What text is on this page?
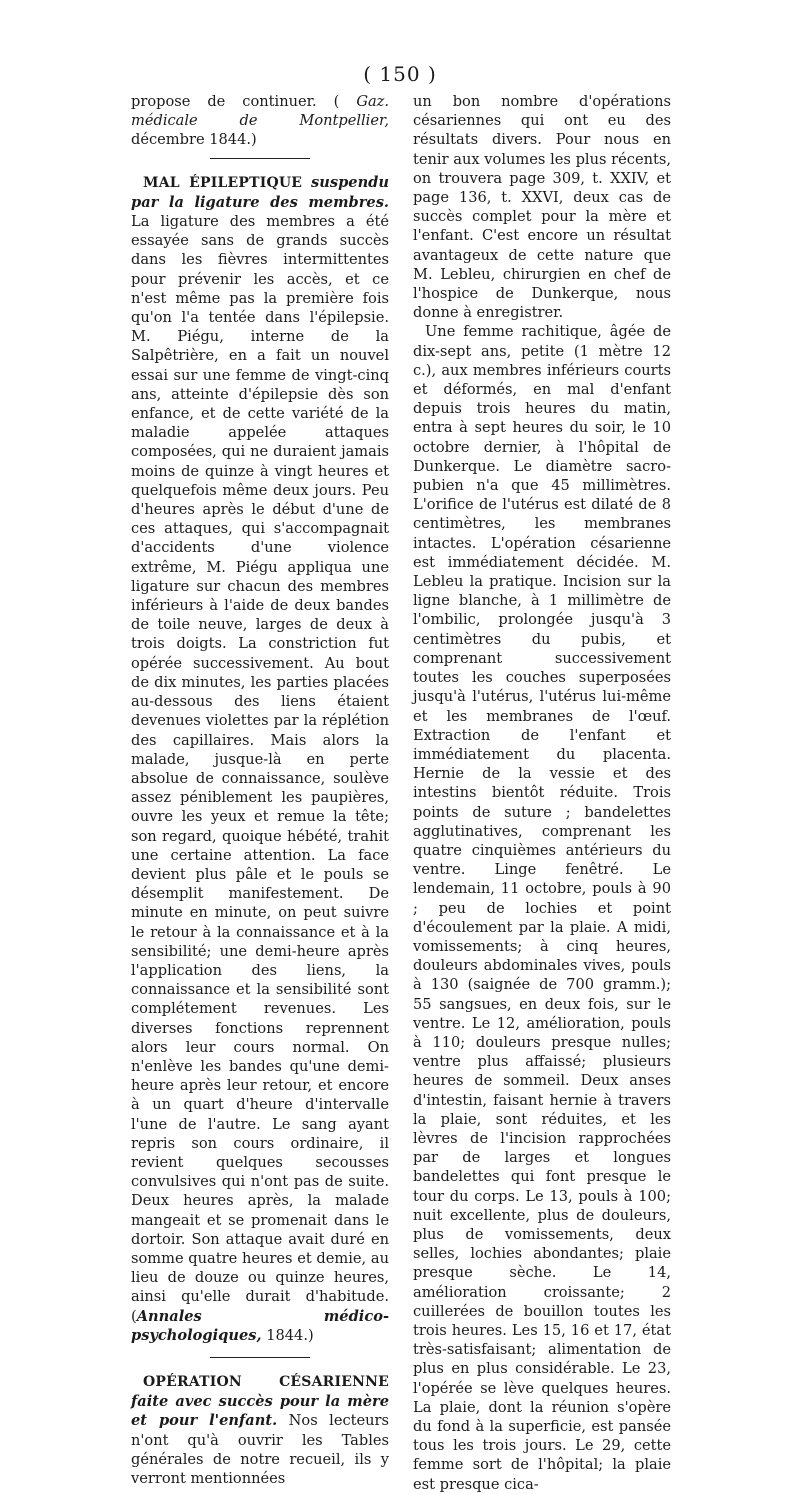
( 150 )

propose de continuer. ( Gaz. médicale de Montpellier, décembre 1844.)

MAL ÉPILEPTIQUE suspendu par la ligature des membres. La ligature des membres a été essayée sans de grands succès dans les fièvres intermittentes pour prévenir les accès, et ce n'est même pas la première fois qu'on l'a tentée dans l'épilepsie. M. Piégu, interne de la Salpêtrière, en a fait un nouvel essai sur une femme de vingt-cinq ans, atteinte d'épilepsie dès son enfance, et de cette variété de la maladie appelée attaques composées, qui ne duraient jamais moins de quinze à vingt heures et quelquefois même deux jours. Peu d'heures après le début d'une de ces attaques, qui s'accompagnait d'accidents d'une violence extrême, M. Piégu appliqua une ligature sur chacun des membres inférieurs à l'aide de deux bandes de toile neuve, larges de deux à trois doigts. La constriction fut opérée successivement. Au bout de dix minutes, les parties placées au-dessous des liens étaient devenues violettes par la réplétion des capillaires. Mais alors la malade, jusque-là en perte absolue de connaissance, soulève assez péniblement les paupières, ouvre les yeux et remue la tête; son regard, quoique hébété, trahit une certaine attention. La face devient plus pâle et le pouls se désemplit manifestement. De minute en minute, on peut suivre le retour à la connaissance et à la sensibilité; une demi-heure après l'application des liens, la connaissance et la sensibilité sont complétement revenues. Les diverses fonctions reprennent alors leur cours normal. On n'enlève les bandes qu'une demi-heure après leur retour, et encore à un quart d'heure d'intervalle l'une de l'autre. Le sang ayant repris son cours ordinaire, il revient quelques secousses convulsives qui n'ont pas de suite. Deux heures après, la malade mangeait et se promenait dans le dortoir. Son attaque avait duré en somme quatre heures et demie, au lieu de douze ou quinze heures, ainsi qu'elle durait d'habitude. (Annales médico-psychologiques, 1844.)

OPÉRATION CÉSARIENNE faite avec succès pour la mère et pour l'enfant. Nos lecteurs n'ont qu'à ouvrir les Tables générales de notre recueil, ils y verront mentionnées

un bon nombre d'opérations césariennes qui ont eu des résultats divers. Pour nous en tenir aux volumes les plus récents, on trouvera page 309, t. XXIV, et page 136, t. XXVI, deux cas de succès complet pour la mère et l'enfant. C'est encore un résultat avantageux de cette nature que M. Lebleu, chirurgien en chef de l'hospice de Dunkerque, nous donne à enregistrer.

Une femme rachitique, âgée de dix-sept ans, petite (1 mètre 12 c.), aux membres inférieurs courts et déformés, en mal d'enfant depuis trois heures du matin, entra à sept heures du soir, le 10 octobre dernier, à l'hôpital de Dunkerque. Le diamètre sacro-pubien n'a que 45 millimètres. L'orifice de l'utérus est dilaté de 8 centimètres, les membranes intactes. L'opération césarienne est immédiatement décidée. M. Lebleu la pratique. Incision sur la ligne blanche, à 1 millimètre de l'ombilic, prolongée jusqu'à 3 centimètres du pubis, et comprenant successivement toutes les couches superposées jusqu'à l'utérus, l'utérus lui-même et les membranes de l'œuf. Extraction de l'enfant et immédiatement du placenta. Hernie de la vessie et des intestins bientôt réduite. Trois points de suture ; bandelettes agglutinatives, comprenant les quatre cinquièmes antérieurs du ventre. Linge fenêtré. Le lendemain, 11 octobre, pouls à 90 ; peu de lochies et point d'écoulement par la plaie. A midi, vomissements; à cinq heures, douleurs abdominales vives, pouls à 130 (saignée de 700 gramm.); 55 sangsues, en deux fois, sur le ventre. Le 12, amélioration, pouls à 110; douleurs presque nulles; ventre plus affaissé; plusieurs heures de sommeil. Deux anses d'intestin, faisant hernie à travers la plaie, sont réduites, et les lèvres de l'incision rapprochées par de larges et longues bandelettes qui font presque le tour du corps. Le 13, pouls à 100; nuit excellente, plus de douleurs, plus de vomissements, deux selles, lochies abondantes; plaie presque sèche. Le 14, amélioration croissante; 2 cuillerées de bouillon toutes les trois heures. Les 15, 16 et 17, état très-satisfaisant; alimentation de plus en plus considérable. Le 23, l'opérée se lève quelques heures. La plaie, dont la réunion s'opère du fond à la superficie, est pansée tous les trois jours. Le 29, cette femme sort de l'hôpital; la plaie est presque cica-
